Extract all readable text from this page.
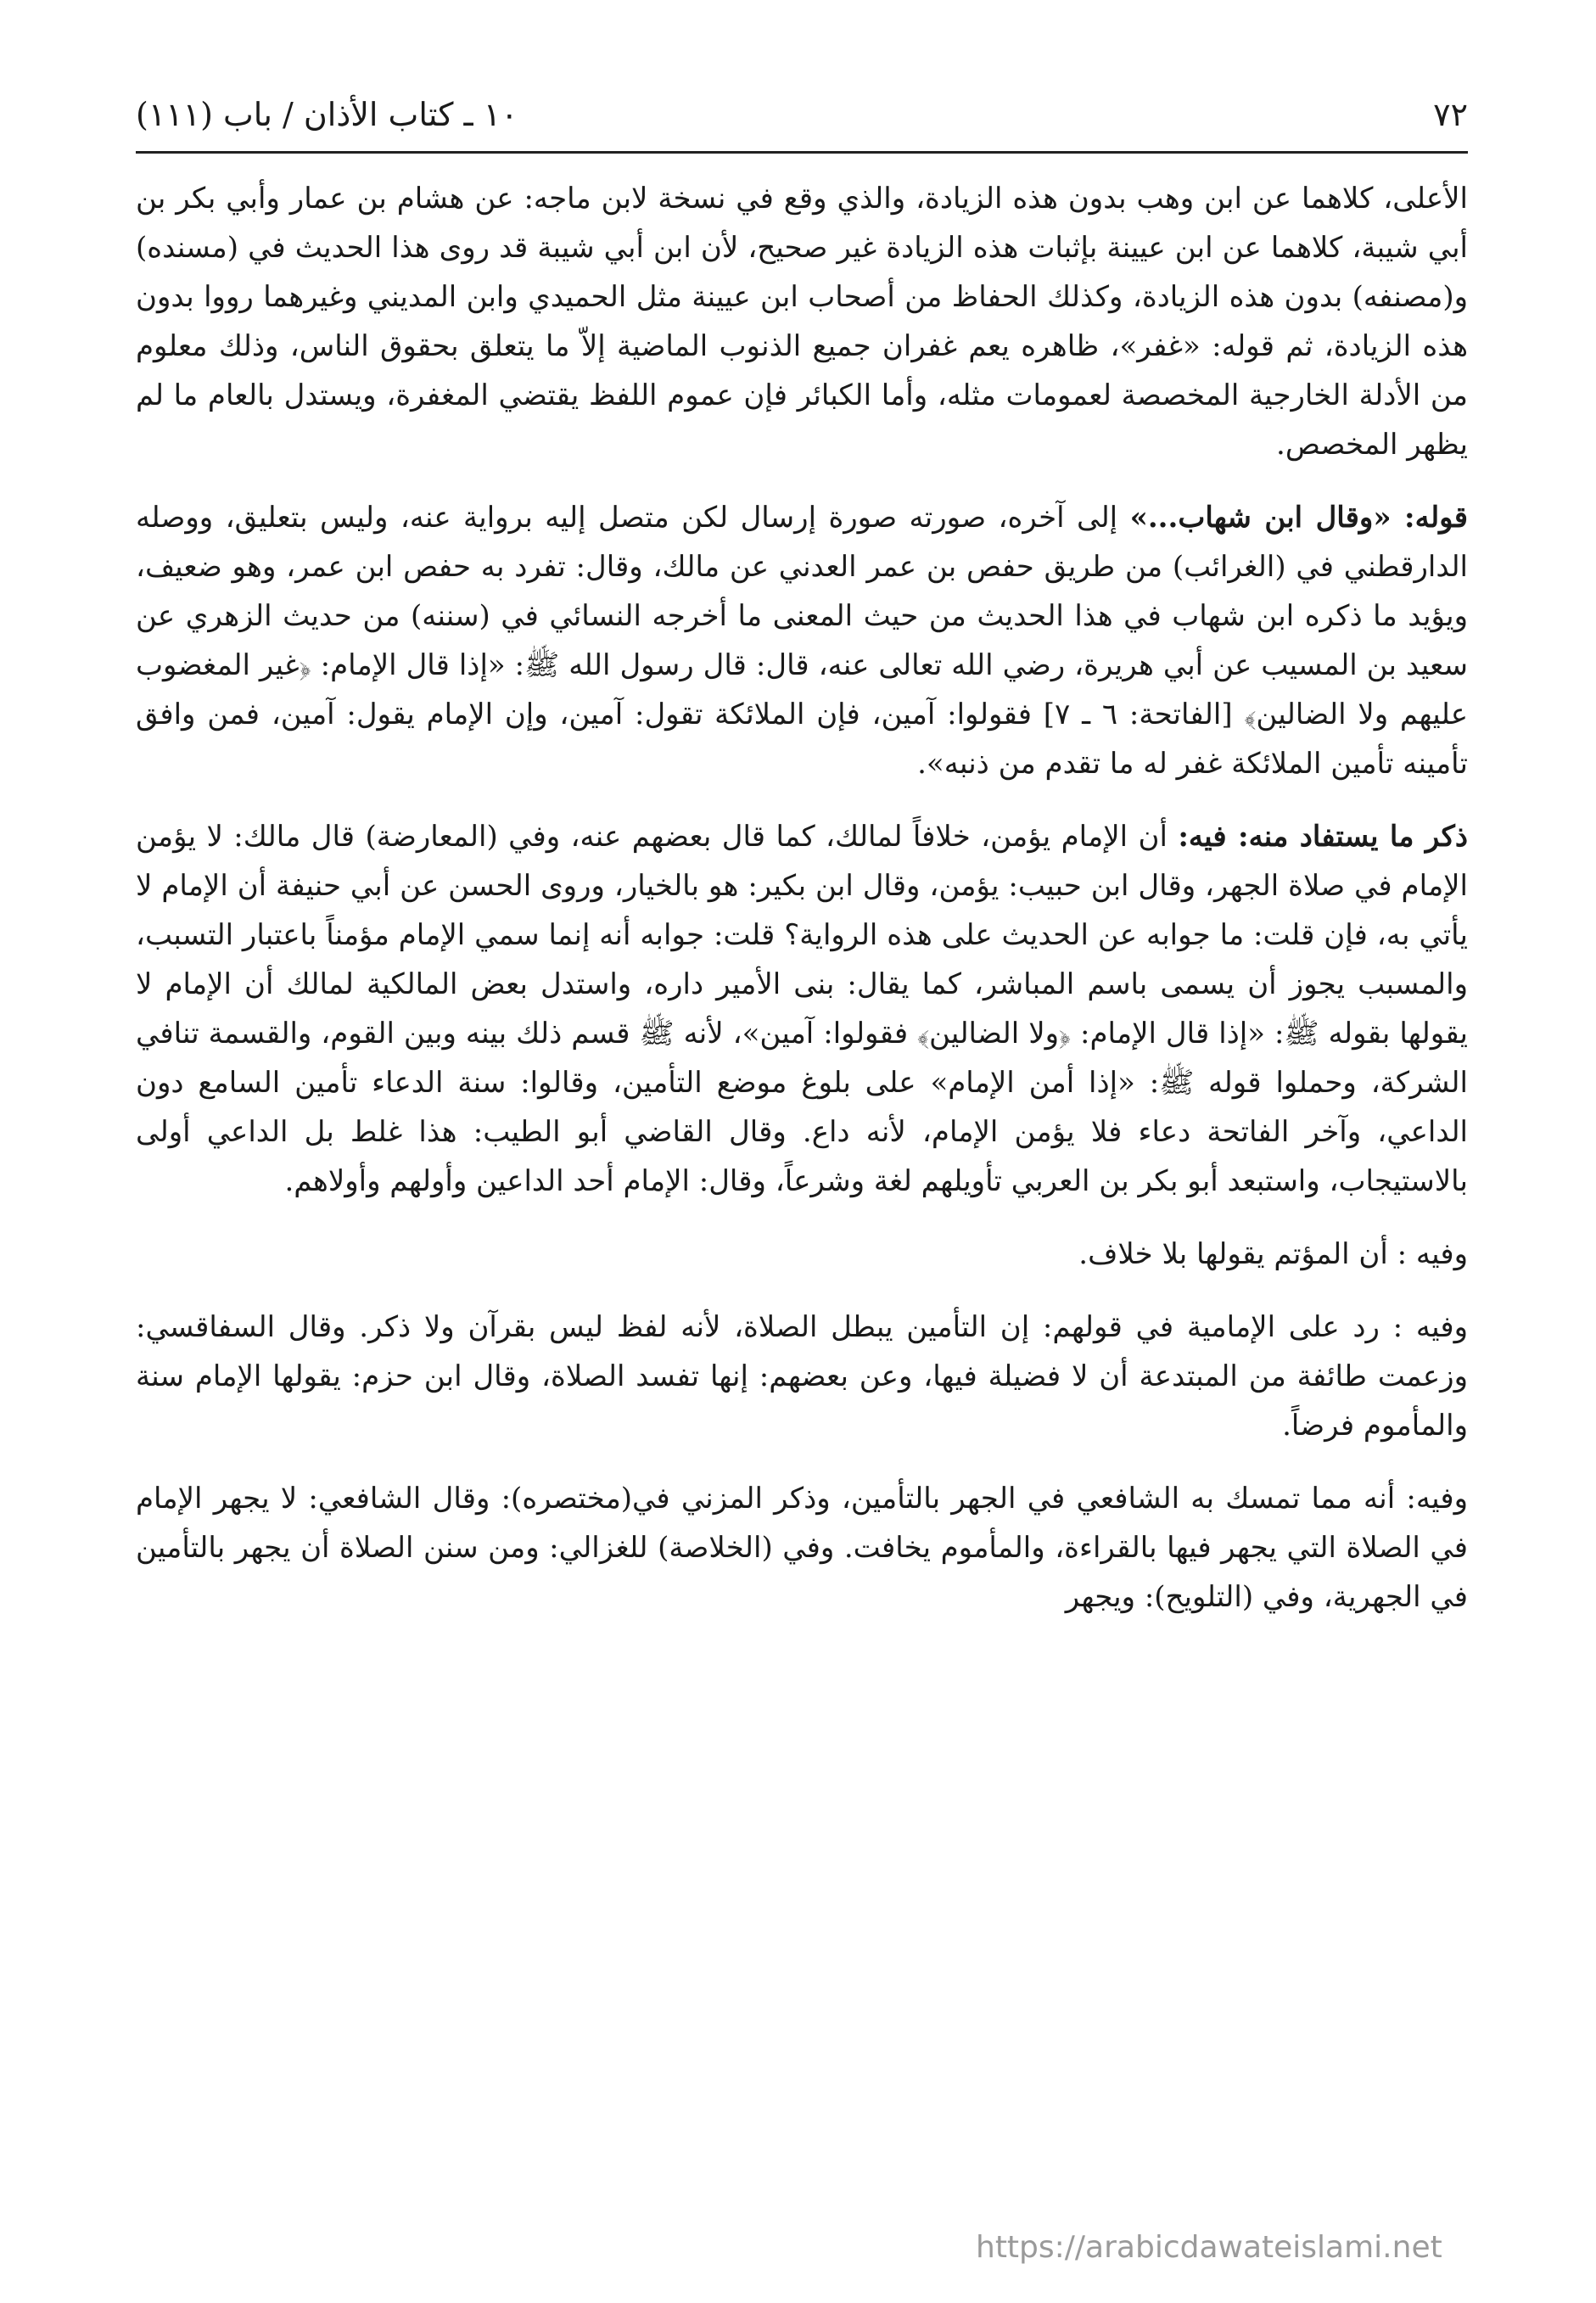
٧٢
١٠ ـ كتاب الأذان / باب (١١١)

الأعلى، كلاهما عن ابن وهب بدون هذه الزيادة، والذي وقع في نسخة لابن ماجه: عن هشام بن عمار وأبي بكر بن أبي شيبة، كلاهما عن ابن عيينة بإثبات هذه الزيادة غير صحيح، لأن ابن أبي شيبة قد روى هذا الحديث في (مسنده) و(مصنفه) بدون هذه الزيادة، وكذلك الحفاظ من أصحاب ابن عيينة مثل الحميدي وابن المديني وغيرهما رووا بدون هذه الزيادة، ثم قوله: «غفر»، ظاهره يعم غفران جميع الذنوب الماضية إلاّ ما يتعلق بحقوق الناس، وذلك معلوم من الأدلة الخارجية المخصصة لعمومات مثله، وأما الكبائر فإن عموم اللفظ يقتضي المغفرة، ويستدل بالعام ما لم يظهر المخصص.

قوله: «وقال ابن شهاب...» إلى آخره، صورته صورة إرسال لكن متصل إليه برواية عنه، وليس بتعليق، ووصله الدارقطني في (الغرائب) من طريق حفص بن عمر العدني عن مالك، وقال: تفرد به حفص ابن عمر، وهو ضعيف، ويؤيد ما ذكره ابن شهاب في هذا الحديث من حيث المعنى ما أخرجه النسائي في (سننه) من حديث الزهري عن سعيد بن المسيب عن أبي هريرة، رضي الله تعالى عنه، قال: قال رسول الله ﷺ: «إذا قال الإمام: ﴿غير المغضوب عليهم ولا الضالين﴾ [الفاتحة: ٦ ـ ٧] فقولوا: آمين، فإن الملائكة تقول: آمين، وإن الإمام يقول: آمين، فمن وافق تأمينه تأمين الملائكة غفر له ما تقدم من ذنبه».

ذكر ما يستفاد منه: فيه: أن الإمام يؤمن، خلافاً لمالك، كما قال بعضهم عنه، وفي (المعارضة) قال مالك: لا يؤمن الإمام في صلاة الجهر، وقال ابن حبيب: يؤمن، وقال ابن بكير: هو بالخيار، وروى الحسن عن أبي حنيفة أن الإمام لا يأتي به، فإن قلت: ما جوابه عن الحديث على هذه الرواية؟ قلت: جوابه أنه إنما سمي الإمام مؤمناً باعتبار التسبب، والمسبب يجوز أن يسمى باسم المباشر، كما يقال: بنى الأمير داره، واستدل بعض المالكية لمالك أن الإمام لا يقولها بقوله ﷺ: «إذا قال الإمام: ﴿ولا الضالين﴾ فقولوا: آمين»، لأنه ﷺ قسم ذلك بينه وبين القوم، والقسمة تنافي الشركة، وحملوا قوله ﷺ: «إذا أمن الإمام» على بلوغ موضع التأمين، وقالوا: سنة الدعاء تأمين السامع دون الداعي، وآخر الفاتحة دعاء فلا يؤمن الإمام، لأنه داع. وقال القاضي أبو الطيب: هذا غلط بل الداعي أولى بالاستيجاب، واستبعد أبو بكر بن العربي تأويلهم لغة وشرعاً، وقال: الإمام أحد الداعين وأولهم وأولاهم.

وفيه : أن المؤتم يقولها بلا خلاف.

وفيه : رد على الإمامية في قولهم: إن التأمين يبطل الصلاة، لأنه لفظ ليس بقرآن ولا ذكر. وقال السفاقسي: وزعمت طائفة من المبتدعة أن لا فضيلة فيها، وعن بعضهم: إنها تفسد الصلاة، وقال ابن حزم: يقولها الإمام سنة والمأموم فرضاً.

وفيه: أنه مما تمسك به الشافعي في الجهر بالتأمين، وذكر المزني في(مختصره): وقال الشافعي: لا يجهر الإمام في الصلاة التي يجهر فيها بالقراءة، والمأموم يخافت. وفي (الخلاصة) للغزالي: ومن سنن الصلاة أن يجهر بالتأمين في الجهرية، وفي (التلويح): ويجهر

https://arabicdawateislami.net
